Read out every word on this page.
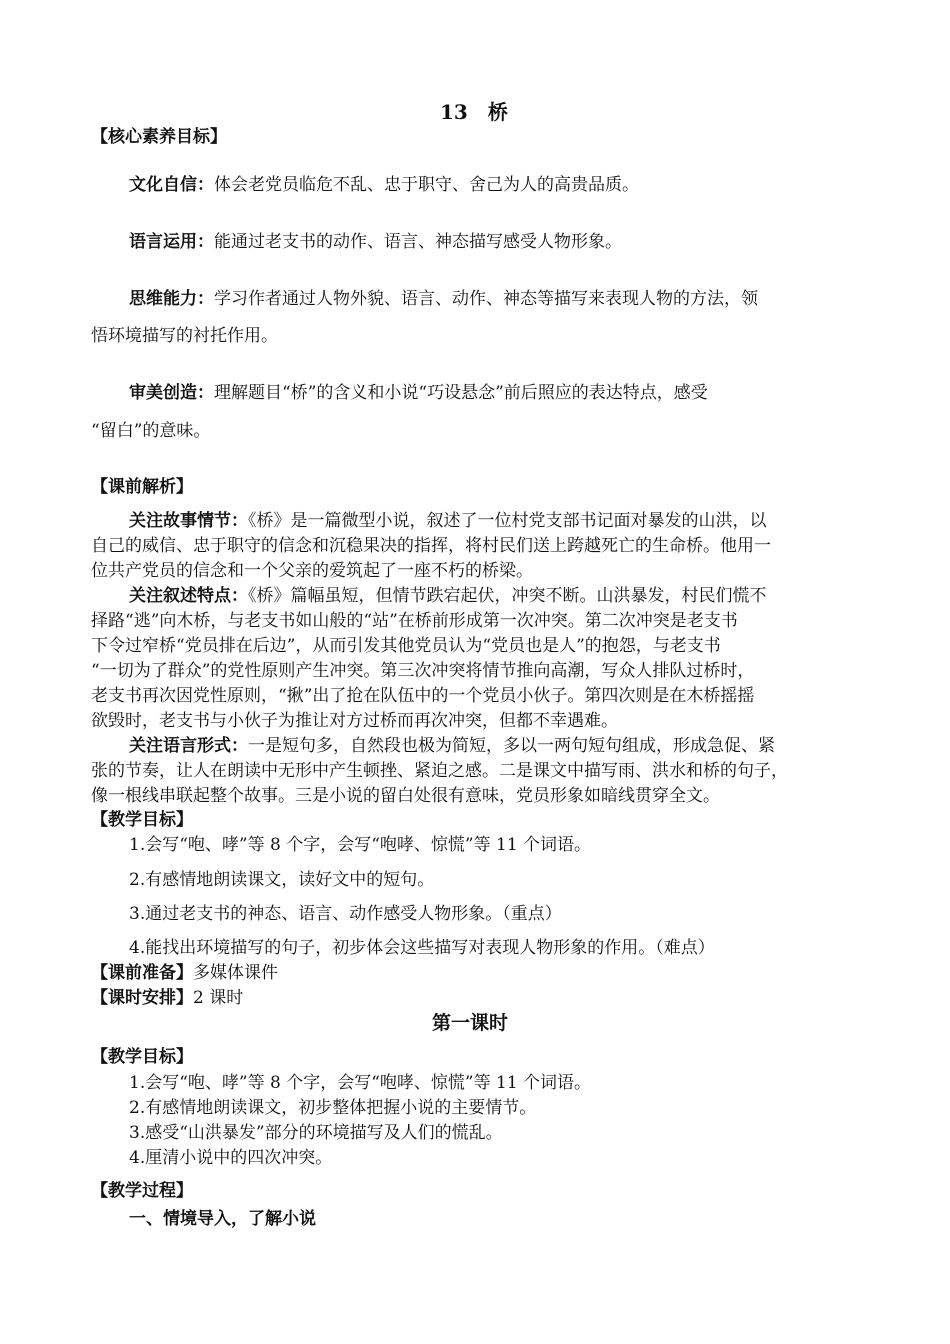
13　桥
【核心素养目标】
文化自信：体会老党员临危不乱、忠于职守、舍己为人的高贵品质。
语言运用：能通过老支书的动作、语言、神态描写感受人物形象。
思维能力：学习作者通过人物外貌、语言、动作、神态等描写来表现人物的方法，领
悟环境描写的衬托作用。
审美创造：理解题目“桥”的含义和小说“巧设悬念”前后照应的表达特点，感受
“留白”的意味。
【课前解析】
关注故事情节：《桥》是一篇微型小说，叙述了一位村党支部书记面对暴发的山洪，以
自己的威信、忠于职守的信念和沉稳果决的指挥，将村民们送上跨越死亡的生命桥。他用一
位共产党员的信念和一个父亲的爱筑起了一座不朽的桥梁。
关注叙述特点：《桥》篇幅虽短，但情节跌宕起伏，冲突不断。山洪暴发，村民们慌不
择路“逃”向木桥，与老支书如山般的“站”在桥前形成第一次冲突。第二次冲突是老支书
下令过窄桥“党员排在后边”，从而引发其他党员认为“党员也是人”的抱怨，与老支书
“一切为了群众”的党性原则产生冲突。第三次冲突将情节推向高潮，写众人排队过桥时，
老支书再次因党性原则，“揪”出了抢在队伍中的一个党员小伙子。第四次则是在木桥摇摇
欲毁时，老支书与小伙子为推让对方过桥而再次冲突，但都不幸遇难。
关注语言形式：一是短句多，自然段也极为简短，多以一两句短句组成，形成急促、紧
张的节奏，让人在朗读中无形中产生顿挫、紧迫之感。二是课文中描写雨、洪水和桥的句子，
像一根线串联起整个故事。三是小说的留白处很有意味，党员形象如暗线贯穿全文。
【教学目标】
1.会写“咆、哮”等 8 个字，会写“咆哮、惊慌”等 11 个词语。
2.有感情地朗读课文，读好文中的短句。
3.通过老支书的神态、语言、动作感受人物形象。（重点）
4.能找出环境描写的句子，初步体会这些描写对表现人物形象的作用。（难点）
【课前准备】多媒体课件
【课时安排】2 课时
第一课时
【教学目标】
1.会写“咆、哮”等 8 个字，会写“咆哮、惊慌”等 11 个词语。
2.有感情地朗读课文，初步整体把握小说的主要情节。
3.感受“山洪暴发”部分的环境描写及人们的慌乱。
4.厘清小说中的四次冲突。
【教学过程】
一、情境导入，了解小说
